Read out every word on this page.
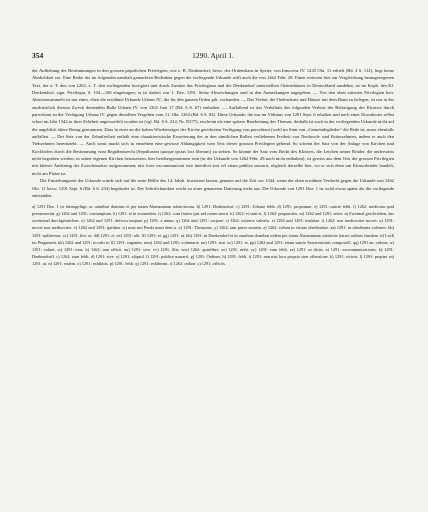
354	1290. April 1.

der Aufhebung der Bestimmungen in den grossen päpstlichen Privilegien, wie z. B. Denkendorf, bezw. des Ordensbaus in Speier, von Innocenz IV. 1245 Okt. 11 erhielt (Bd. 4 S. 112), liegt keine Ähnlichkeit vor. Eine Reihe der im folgenden namhaft gemachten Bedenken gegen die vorliegende Urkunde trifft auch die von 1262 Febr. 28. Einen weiteren hier zur Vergleichung herangezogenen Text, der z. T. den von 1262, z. T. den vorliegenden korrigiert und durch Zusätze das Privilegium und die Denkendorf unterstellten Ordenshäuser in Deutschland ausdehnt, ist im Kopb. des Kl. Denkendorf, sign. Privilegia, S. 104—106 eingetragen; er ist datiert von 1. Dez. 1291. Seine Abweichungen sind in den Anmerkungen angegeben. — Von den oben zitierten Privilegien betr. Almosensammeln ist nur eines, eben die erwähnte Urkunde Urbans IV., die für den ganzen Orden gilt, vorhanden. — Das Verbot, die Ordensleute und Häuser mit dem Bann zu belegen, ist nur in der ausdrücklich diesem Zweck dienenden Bulle Urbans IV. von 1262 Juni 17 (Bd. 6 S. 67) enthalten. — Auffallend ist das Verhältnis des folgenden Verbots der Belästigung des Klosters durch parochiani zu der Verfügung Urbans IV. gegen dieselben Vergehen vom 11. Okt. 1262 (Bd. 6 S. 84). Diese Urkunde, die nur im Vidimus von 1291 Sept. 6 erhalten und nach einer Dorsalnotiz selbst schon im Jahr 1344 in ihrer Echtheit angezweifelt worden ist (vgl. Bd. 6 S. 234, Nr. N377), erscheint als eine spätere Bearbeitung des Themas; deshalb ist auch in der vorliegenden Urkunde nicht auf die angeblich ältere Bezug genommen. Dass in einer an die hohen Würdenträger der Kirche gerichteten Verfügung von parochiani (wohl im Sinn von „Gemeindeglieder“ die Rede ist, muss ebenfalls auffallen. — Der Satz von der Zehntfreiheit enthält eine charakteristische Erweiterung der in den sämtlichen Bullen verliehenen Freiheit von Neubruch- und Futterzehnten, indem er auch den Viehzehnten hereinzieht. — Auch sonst macht sich in einzelnen eine gewisse Abhängigkeit vom Text dieser grossen Privilegien geltend. So scheint der Satz von der Anlage von Kirchen und Kirchhöfen durch die Bestimmung vom Begräbnisrecht (Sepulturam quoque ipsius loci liberam) zu stehen. So könnte der Satz vom Recht des Klosters, die Leichen seiner Brüder, die anderwärts nicht begraben werden, in seiner eigenen Kirchen beizusetzen, hier herübergenommen sein (in der Urkunde von 1262 Febr. 28 noch nicht enthalten), ist gewiss aus dem Text der grossen Privilegien mit kleiner Änderung der Zwischensätze aufgenommen; nisi forte excommunicati sive interdicti sint vel etiam publice usurarii, obgleich derselbe hier, wo er sich eben um Klosterbrüder handelt, nicht am Platze ist.

Die Entstehungszeit der Urkunde würde sich auf die erste Hälfte des 14. Jahrh. festsetzen lassen, genauer auf die Zeit vor 1344, wenn der oben erwähnte Verdacht gegen die Urkunde von 1262 Okt. 11 bezw. 1291 Sept. 6 (Bd. 6 S. 234) begründet ist. Der Schriftcharakter reicht zu einer genaueren Datierung nicht aus. Die Urkunde von 1291 Dez. 1 ist wohl etwas später als die vorliegende entstanden.

a) 1291 Dez. 1 ist hinzugefügt: ac omnibus dominis et per totam Alamanniam subiectorum. b) 1291: Denkendorf. c) 1291: Urbano fehlt. d) 1291: proponunt. e) 1291: sancte fehlt. f) 1262: medicum quid presumserint. g) 1262 und 1291: contumptum. h) 1291: et in eorumdem. i) 1262: cum fratres ipsi sed rerum morti. k) 1262: et stati et. l) 1262: propuesitis. m) 1262 und 1291: testis. n) Zweimal geschrieben, das zweitemal durchgestrichen. o) 1262 und 1291: defectu inopiae. p) 1291: a unum. q) 1262 und 1291: corpore. r) 1262: existere valeatis. s) 1262 und 1291: malitiae. t) 1262: non mediocriter movet. u) 1291: movet non mediocriter. v) 1262 und 1291: quidam. w) usus mit Punkt unter dem u. x) 1291: Thesaurus. y) 1262: tam prave assueta. z) 1262: volunt in virtute obedientiae. aa) 1291: in obedientia volentes. bb) 1291: nullatenus. cc) 1291: lies: ut. dd) 1291: et. ee) 1291: alii. ff) 1291: et. gg) 1291: ut. hh) 1291: in Denkendorf et in omnibus domibus eidem per totam Alamanniam subiectis fratres ordinis eiusdem. ii) Loch im Pergament. kk) 1262 und 1291: occulti et. ll) 1291: vagantes. mm) 1262 und 1291: voluntarie. nn) 1291: sint. oo) 1291: et. pp) 1262 und 1291: etiam sancte Sarracenitatis compostell. qq) 1291 an: ordinis. rr) 1291: volunt. ss) 1291: eius. tt) 1262: tam officii. uu) 1291: sive. vv) 1291: illis. ww) 1262: quaelibet. xx) 1291: mihi. yy) 1291: eum fehlt. zz) 1291: ut dictis. a) 1291: excommunicationis. b) 1291: Denkendorff. c) 1262: eum fehlt. d) 1291: sive. e) 1291: aliquid. f) 1291: publice usurarii. g) 1291: Ordines. h) 1291: fehlt. i) 1291: non nisi loco proprio sine offensione. k) 1291: vicinis. l) 1291: propter. m) 1291: ut. n) 1291: eadem. o) 1291: exhibitis. p) 1291: fehlt. q) 1291: exhibeant. r) 1262: ordine. s) 1291: officiis.
